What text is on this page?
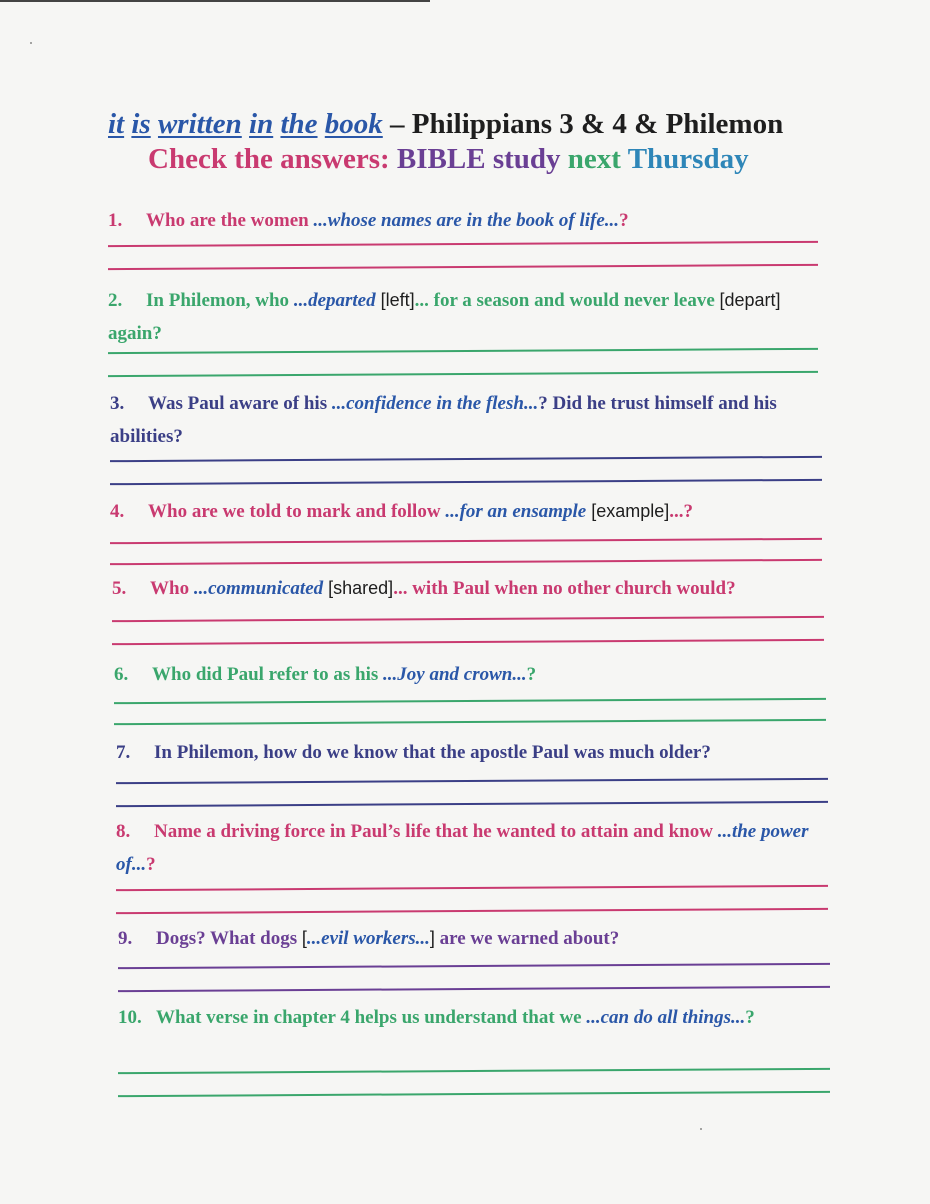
it is written in the book – Philippians 3 & 4 & Philemon
Check the answers: BIBLE study next Thursday
1. Who are the women ...whose names are in the book of life...?
2. In Philemon, who ...departed [left]... for a season and would never leave [depart] again?
3. Was Paul aware of his ...confidence in the flesh...? Did he trust himself and his abilities?
4. Who are we told to mark and follow ...for an ensample [example]...?
5. Who ...communicated [shared]... with Paul when no other church would?
6. Who did Paul refer to as his ...Joy and crown...?
7. In Philemon, how do we know that the apostle Paul was much older?
8. Name a driving force in Paul’s life that he wanted to attain and know ...the power of...?
9. Dogs? What dogs [...evil workers...] are we warned about?
10. What verse in chapter 4 helps us understand that we ...can do all things...?
